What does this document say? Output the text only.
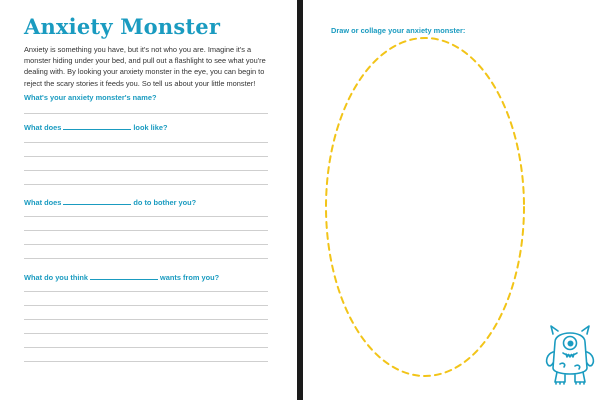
Anxiety Monster

Anxiety is something you have, but it's not who you are. Imagine it's a monster hiding under your bed, and pull out a flashlight to see what you're dealing with. By looking your anxiety monster in the eye, you can begin to reject the scary stories it feeds you. So tell us about your little monster!

What's your anxiety monster's name?

What does	look like?

What does	do to bother you?

What do you think	wants from you?

Draw or collage your anxiety monster:
